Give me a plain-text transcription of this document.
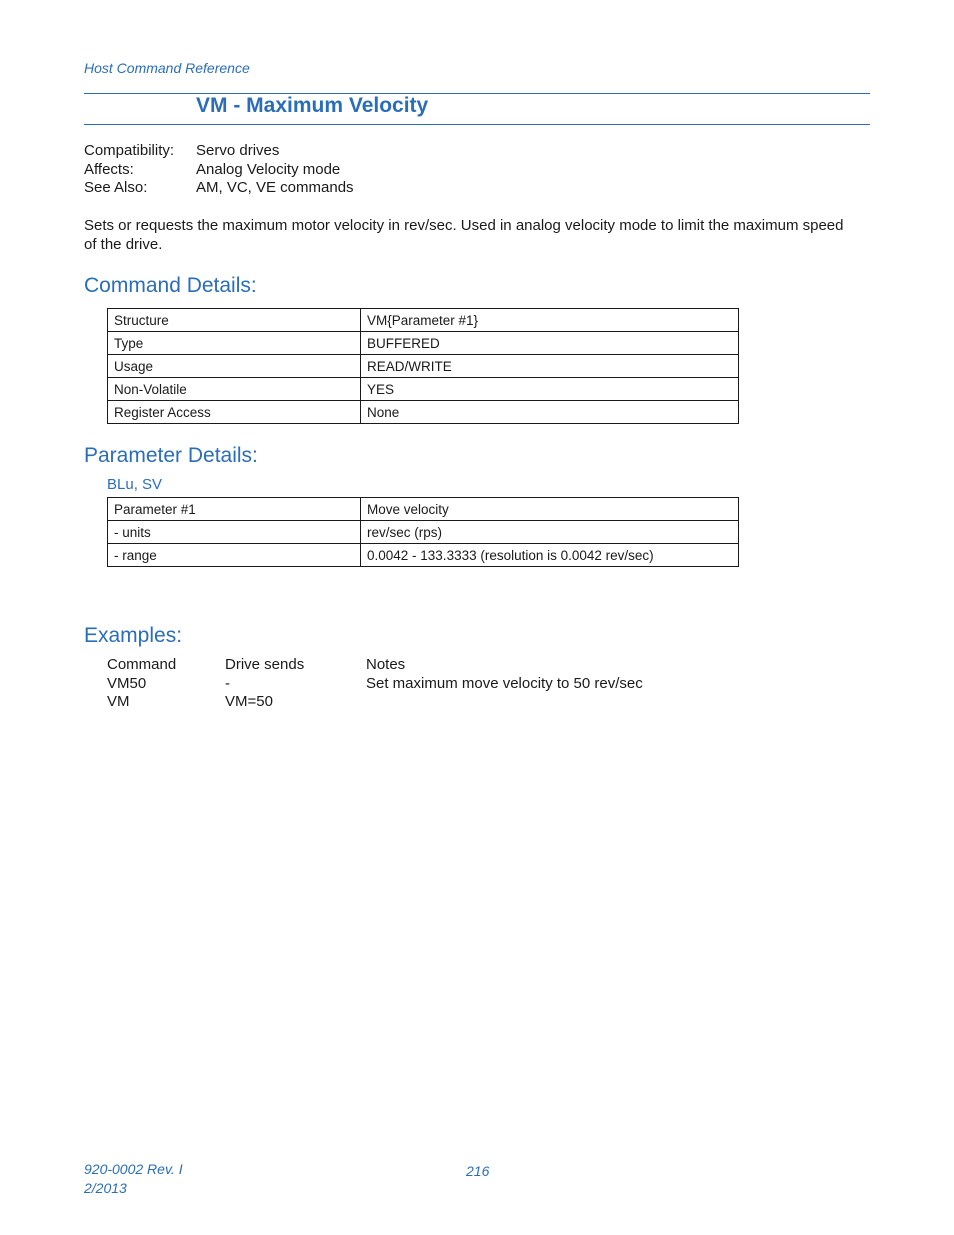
Host Command Reference
VM - Maximum Velocity
Compatibility:	Servo drives
Affects:	Analog Velocity mode
See Also:	AM, VC, VE commands
Sets or requests the maximum motor velocity in rev/sec. Used in analog velocity mode to limit the maximum speed of the drive.
Command Details:
Structure	VM{Parameter #1}
Type	BUFFERED
Usage	READ/WRITE
Non-Volatile	YES
Register Access	None
Parameter Details:
BLu, SV
Parameter #1	Move velocity
- units	rev/sec (rps)
- range	0.0042 - 133.3333 (resolution is 0.0042 rev/sec)
Examples:
Command	Drive sends	Notes
VM50	-	Set maximum move velocity to 50 rev/sec
VM	VM=50
920-0002 Rev. I
2/2013
216
